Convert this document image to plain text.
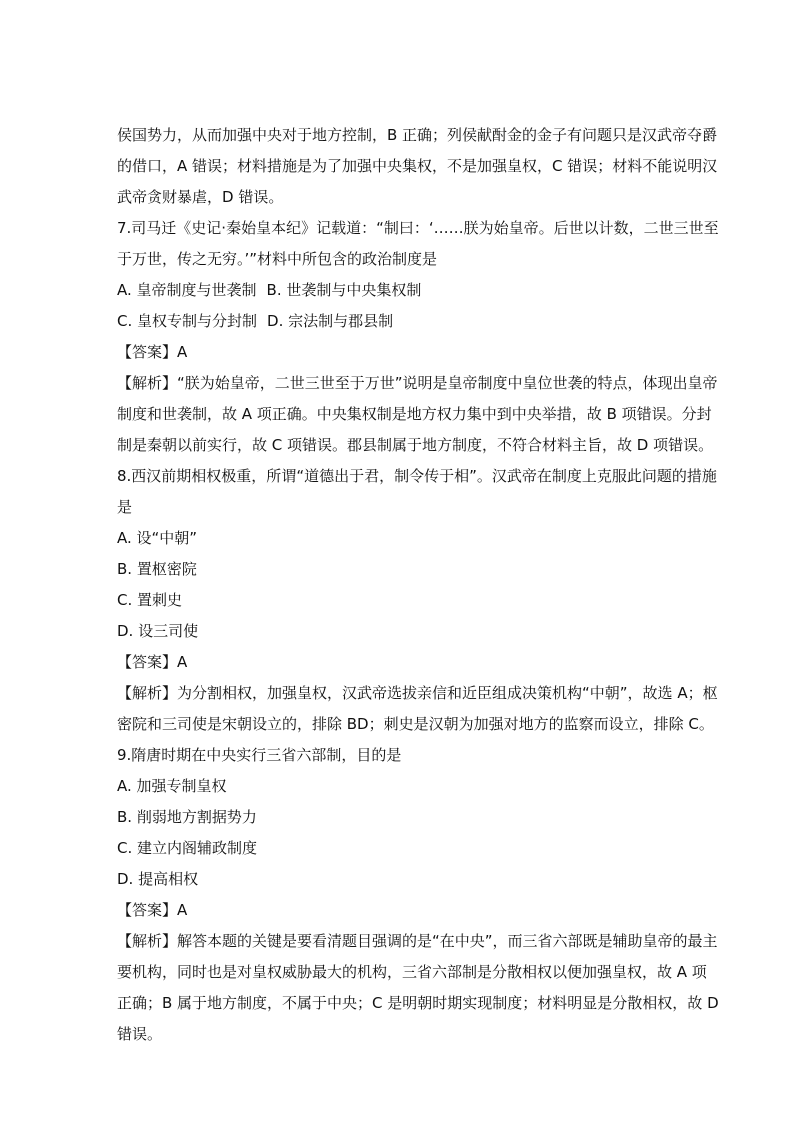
侯国势力，从而加强中央对于地方控制，B 正确；列侯献酎金的金子有问题只是汉武帝夺爵
的借口，A 错误；材料措施是为了加强中央集权，不是加强皇权，C 错误；材料不能说明汉
武帝贪财暴虐，D 错误。
7.司马迁《史记·秦始皇本纪》记载道：“制曰：‘……朕为始皇帝。后世以计数，二世三世至
于万世，传之无穷。’”材料中所包含的政治制度是
A. 皇帝制度与世袭制 B. 世袭制与中央集权制
C. 皇权专制与分封制 D. 宗法制与郡县制
【答案】A
【解析】“朕为始皇帝，二世三世至于万世”说明是皇帝制度中皇位世袭的特点，体现出皇帝
制度和世袭制，故 A 项正确。中央集权制是地方权力集中到中央举措，故 B 项错误。分封
制是秦朝以前实行，故 C 项错误。郡县制属于地方制度，不符合材料主旨，故 D 项错误。
8.西汉前期相权极重，所谓“道德出于君，制令传于相”。汉武帝在制度上克服此问题的措施
是
A. 设“中朝”
B. 置枢密院
C. 置刺史
D. 设三司使
【答案】A
【解析】为分割相权，加强皇权，汉武帝选拔亲信和近臣组成决策机构“中朝”，故选 A；枢
密院和三司使是宋朝设立的，排除 BD；刺史是汉朝为加强对地方的监察而设立，排除 C。
9.隋唐时期在中央实行三省六部制，目的是
A. 加强专制皇权
B. 削弱地方割据势力
C. 建立内阁辅政制度
D. 提高相权
【答案】A
【解析】解答本题的关键是要看清题目强调的是“在中央”，而三省六部既是辅助皇帝的最主
要机构，同时也是对皇权威胁最大的机构，三省六部制是分散相权以便加强皇权，故 A 项
正确；B 属于地方制度，不属于中央；C 是明朝时期实现制度；材料明显是分散相权，故 D
错误。
